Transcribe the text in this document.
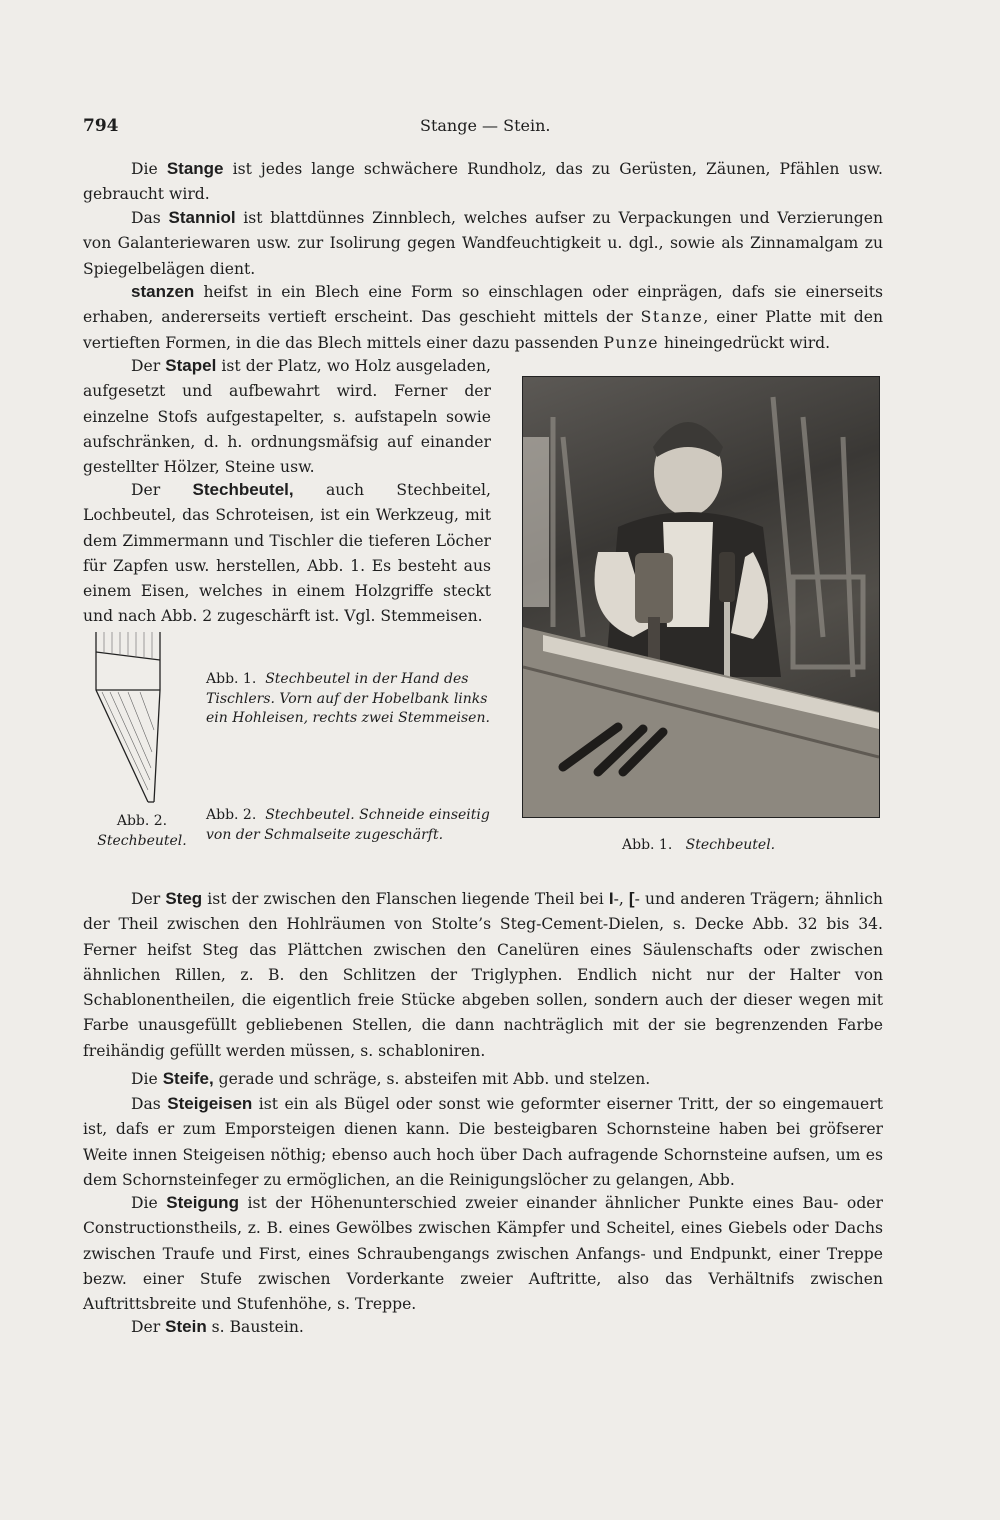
794	Stange — Stein.

Die Stange ist jedes lange schwächere Rundholz, das zu Gerüsten, Zäunen, Pfählen usw. gebraucht wird.

Das Stanniol ist blattdünnes Zinnblech, welches aufser zu Verpackungen und Verzierungen von Galanteriewaren usw. zur Isolirung gegen Wandfeuchtigkeit u. dgl., sowie als Zinnamalgam zu Spiegelbelägen dient.

stanzen heifst in ein Blech eine Form so einschlagen oder einprägen, dafs sie einerseits erhaben, andererseits vertieft erscheint. Das geschieht mittels der Stanze, einer Platte mit den vertieften Formen, in die das Blech mittels einer dazu passenden Punze hineingedrückt wird.

Der Stapel ist der Platz, wo Holz ausgeladen, aufgesetzt und aufbewahrt wird. Ferner der einzelne Stofs aufgestapelter, s. aufstapeln sowie aufschränken, d. h. ordnungsmäfsig auf einander gestellter Hölzer, Steine usw.

Der Stechbeutel, auch Stechbeitel, Lochbeutel, das Schroteisen, ist ein Werkzeug, mit dem Zimmermann und Tischler die tieferen Löcher für Zapfen usw. herstellen, Abb. 1. Es besteht aus einem Eisen, welches in einem Holzgriffe steckt und nach Abb. 2 zugeschärft ist. Vgl. Stemmeisen.

Abb. 1. Stechbeutel in der Hand des Tischlers. Vorn auf der Hobelbank links ein Hohleisen, rechts zwei Stemmeisen.
Abb. 2. Stechbeutel. Schneide einseitig von der Schmalseite zugeschärft.
Abb. 2.
Stechbeutel.	Abb. 1. Stechbeutel.

Der Steg ist der zwischen den Flanschen liegende Theil bei I-, [- und anderen Trägern; ähnlich der Theil zwischen den Hohlräumen von Stolte’s Steg-Cement-Dielen, s. Decke Abb. 32 bis 34. Ferner heifst Steg das Plättchen zwischen den Canelüren eines Säulenschafts oder zwischen ähnlichen Rillen, z. B. den Schlitzen der Triglyphen. Endlich nicht nur der Halter von Schablonentheilen, die eigentlich freie Stücke abgeben sollen, sondern auch der dieser wegen mit Farbe unausgefüllt gebliebenen Stellen, die dann nachträglich mit der sie begrenzenden Farbe freihändig gefüllt werden müssen, s. schabloniren.

Die Steife, gerade und schräge, s. absteifen mit Abb. und stelzen.

Das Steigeisen ist ein als Bügel oder sonst wie geformter eiserner Tritt, der so eingemauert ist, dafs er zum Emporsteigen dienen kann. Die besteigbaren Schornsteine haben bei gröfserer Weite innen Steigeisen nöthig; ebenso auch hoch über Dach aufragende Schornsteine aufsen, um es dem Schornsteinfeger zu ermöglichen, an die Reinigungslöcher zu gelangen, Abb.

Die Steigung ist der Höhenunterschied zweier einander ähnlicher Punkte eines Bau- oder Constructionstheils, z. B. eines Gewölbes zwischen Kämpfer und Scheitel, eines Giebels oder Dachs zwischen Traufe und First, eines Schraubengangs zwischen Anfangs- und Endpunkt, einer Treppe bezw. einer Stufe zwischen Vorderkante zweier Auftritte, also das Verhältnifs zwischen Auftrittsbreite und Stufenhöhe, s. Treppe.

Der Stein s. Baustein.
